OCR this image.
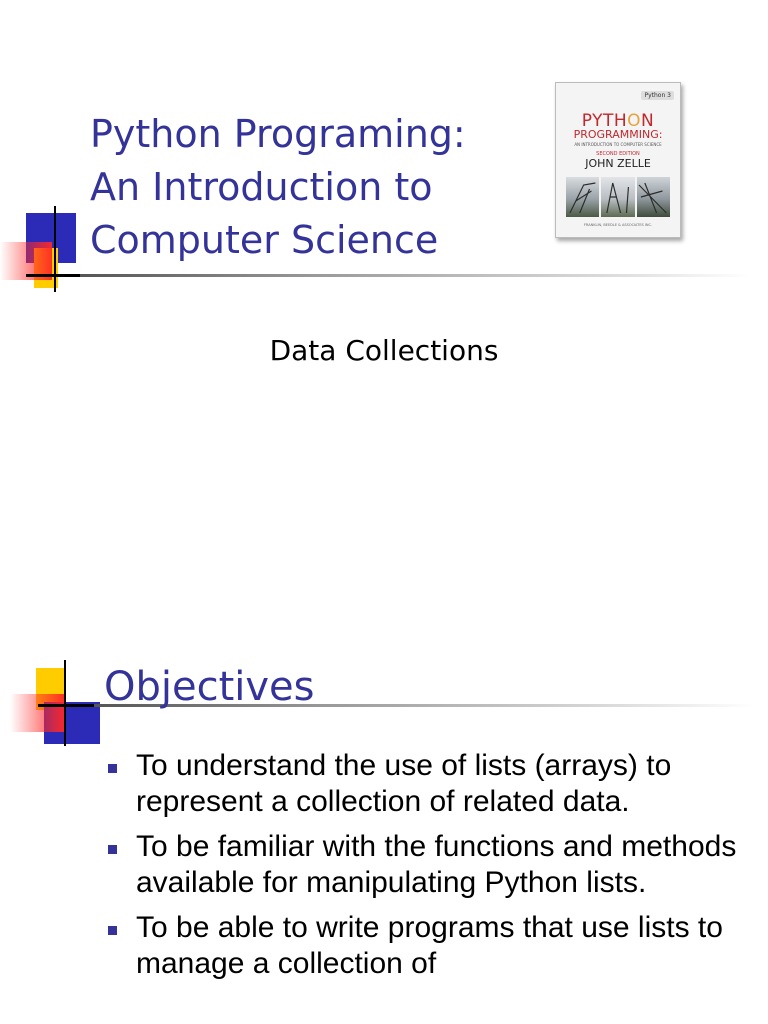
Python Programing:
An Introduction to
Computer Science
Python 3
PYTHON
PROGRAMMING:
AN INTRODUCTION TO COMPUTER SCIENCE
SECOND EDITION
JOHN ZELLE
FRANKLIN, BEEDLE & ASSOCIATES INC.
Data Collections
Objectives
To understand the use of lists (arrays) to represent a collection of related data.
To be familiar with the functions and methods available for manipulating Python lists.
To be able to write programs that use lists to manage a collection of
